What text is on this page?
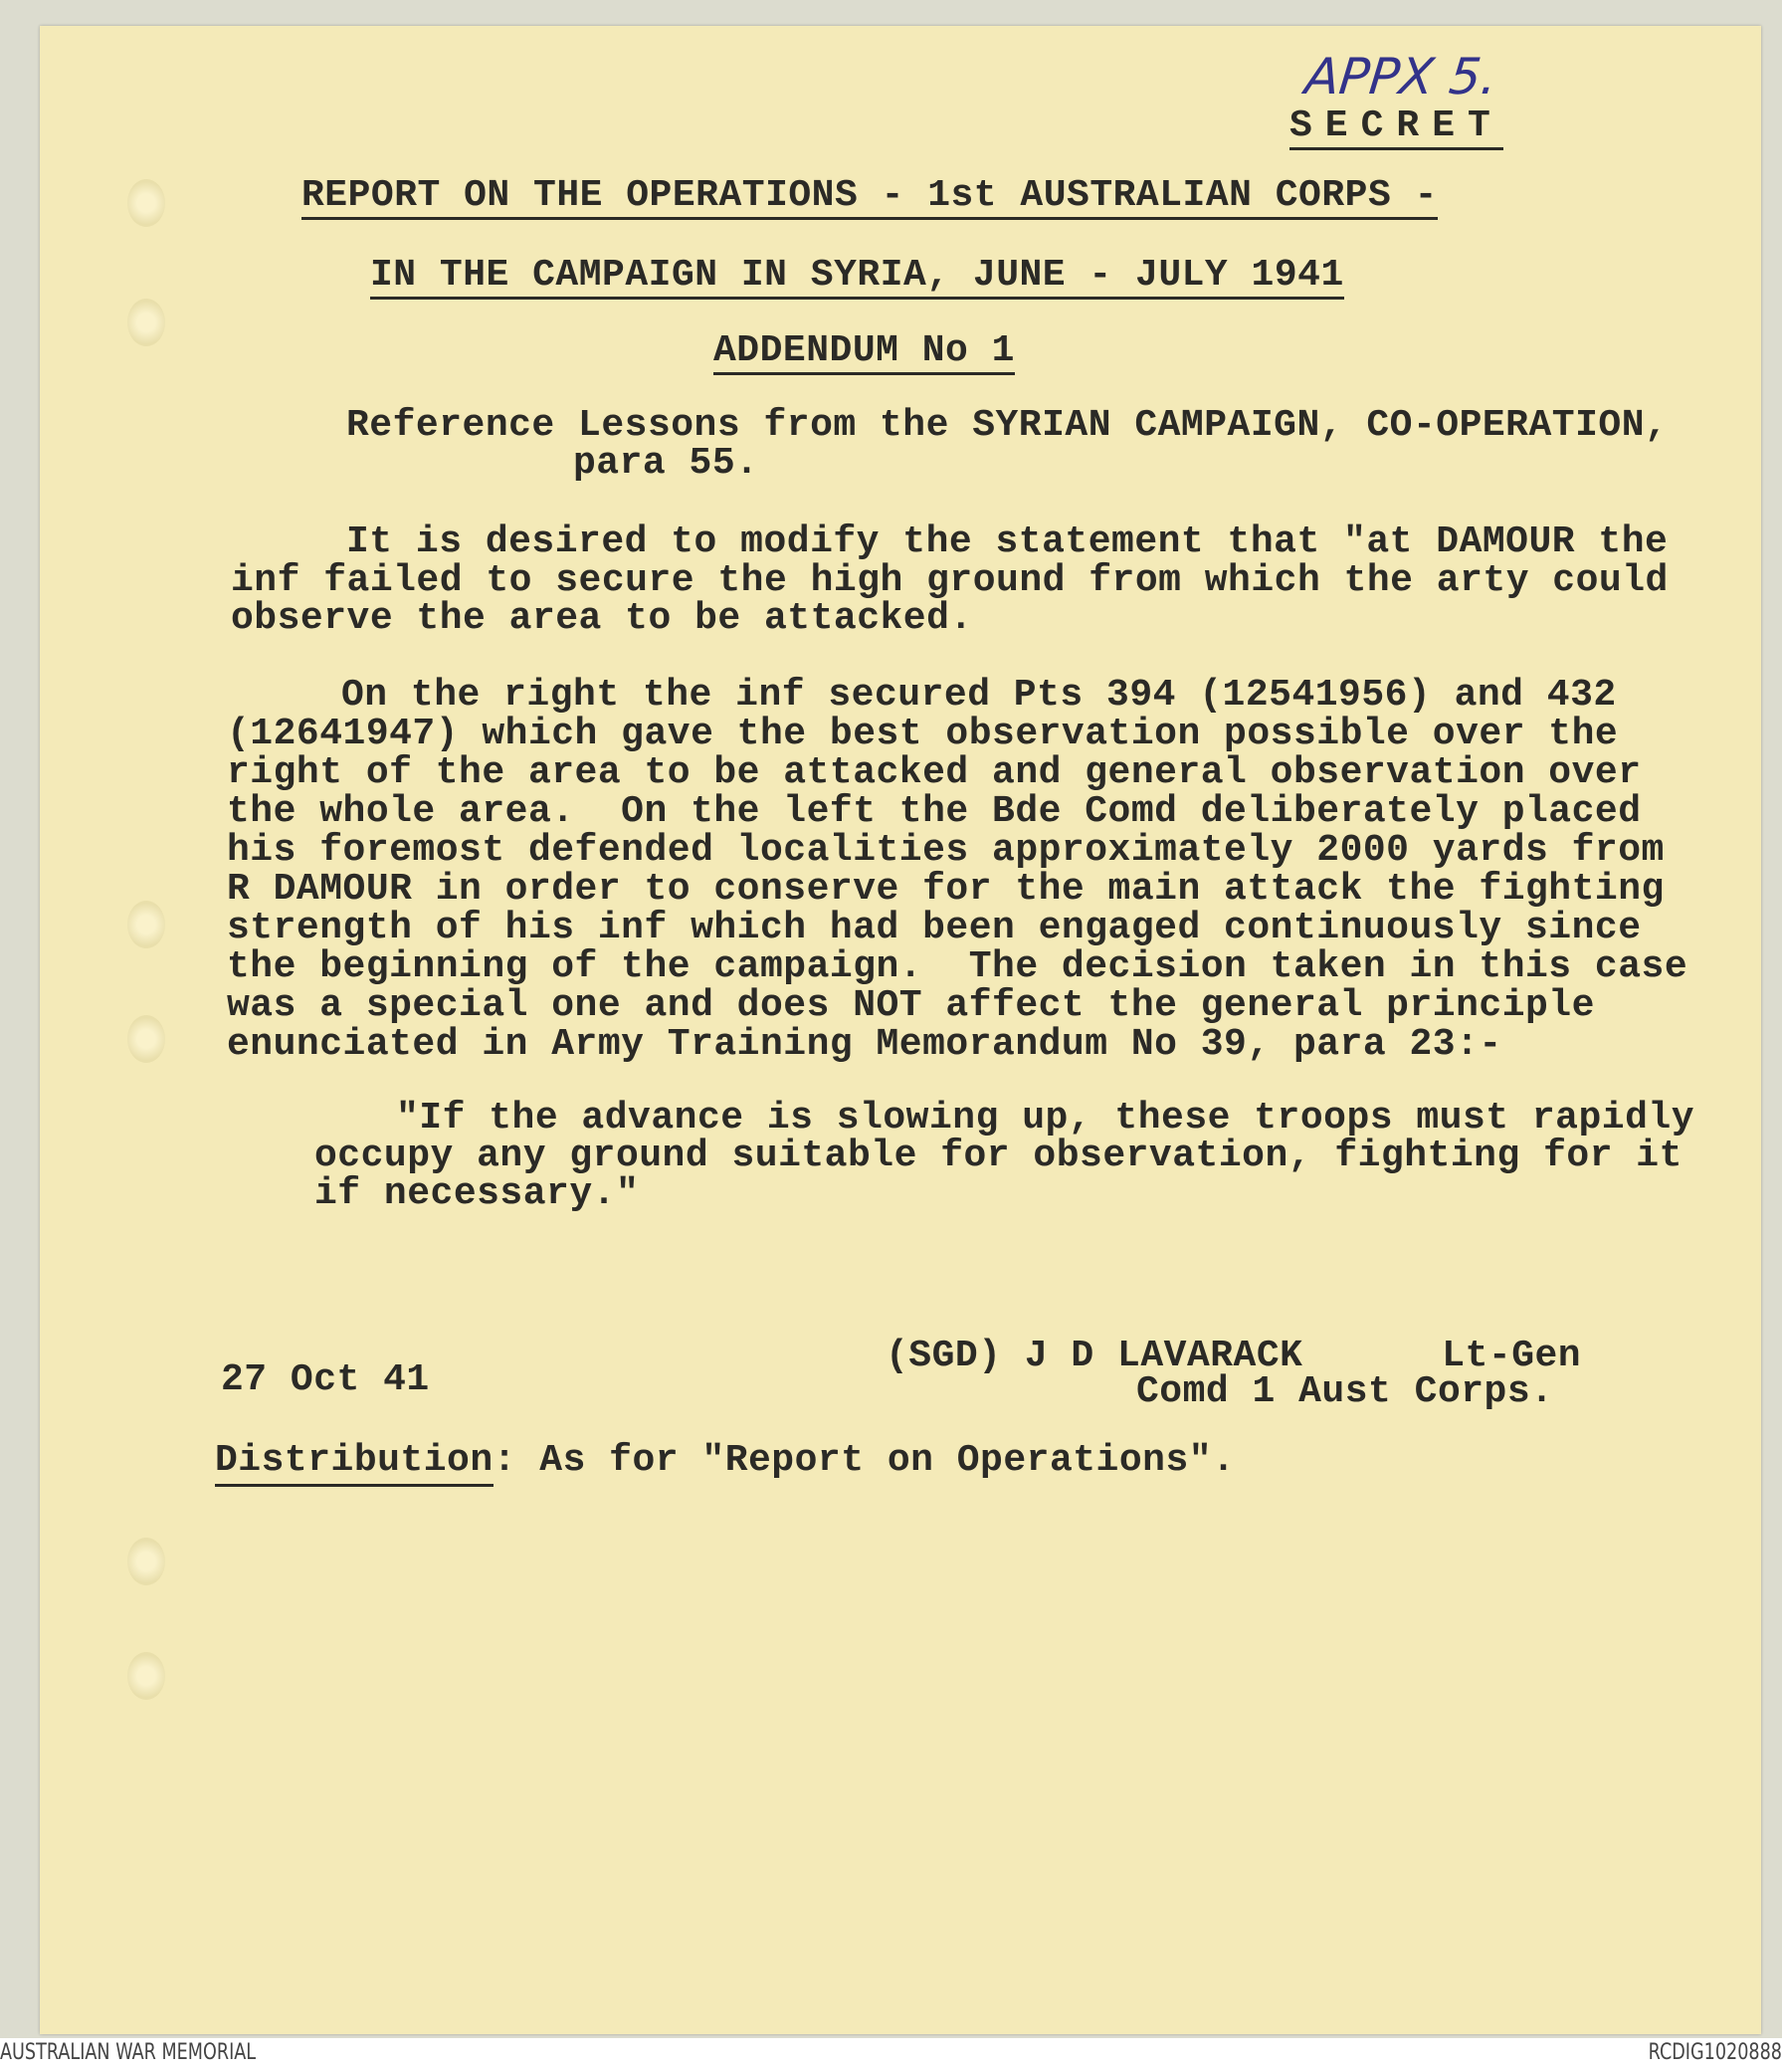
APPX 5.
SECRET
REPORT ON THE OPERATIONS - 1st AUSTRALIAN CORPS -
IN THE CAMPAIGN IN SYRIA, JUNE - JULY 1941
ADDENDUM No 1
Reference Lessons from the SYRIAN CAMPAIGN, CO-OPERATION,
para 55.
It is desired to modify the statement that "at DAMOUR the
inf failed to secure the high ground from which the arty could
observe the area to be attacked.
On the right the inf secured Pts 394 (12541956) and 432
(12641947) which gave the best observation possible over the
right of the area to be attacked and general observation over
the whole area.  On the left the Bde Comd deliberately placed
his foremost defended localities approximately 2000 yards from
R DAMOUR in order to conserve for the main attack the fighting
strength of his inf which had been engaged continuously since
the beginning of the campaign.  The decision taken in this case
was a special one and does NOT affect the general principle
enunciated in Army Training Memorandum No 39, para 23:-
"If the advance is slowing up, these troops must rapidly
occupy any ground suitable for observation, fighting for it
if necessary."
(SGD) J D LAVARACK      Lt-Gen
Comd 1 Aust Corps.
27 Oct 41
Distribution: As for "Report on Operations".
AUSTRALIAN WAR MEMORIAL	RCDIG1020888
